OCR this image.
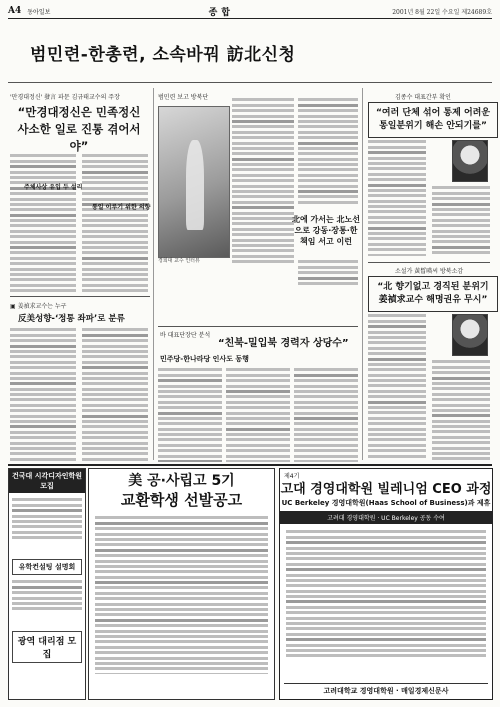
A4 동아일보	종합	2001년 8월 22일 수요일 제24689호
범민련-한총련, 소속바꿔 訪北신청
'만경대정신' 發言 파문 김규태교수의 주장
“만경대정신은 민족정신
사소한 일로 진통 겪어서야”
주체사상 유입 두 설리
통일 이루기 위한 의향
▣ 姜禎求교수는 누구
反美성향-‘정통 좌파’로 분류
범민련 보고 방북단
경희대 교수 인터뷰
北에 가서는 北노선으로 강동·장통·한 책임 서고 이런
바 대표단장단 분석
“친북-밀입북 경력자 상당수”
민주당-한나라당 인사도 동행
김종수 대표간부 확인
“여러 단체 섞어 통제 어려운
통일분위기 해손 안되기를”
소설가 黃晳暎씨 방북소감
“北 향기없고 경직된 분위기
姜禎求교수 해명권유 무시”
건국대 시각디자인학원 모집
유학컨설팅 설명회
광역 대리점 모집
美 공·사립고 5기
교환학생 선발공고
제4기
고대 경영대학원 빌레니엄 CEO 과정
UC Berkeley 경영대학원(Haas School of Business)과 제휴
고려대 경영대학원 · UC Berkeley 공동 수여
고려대학교 경영대학원 · 매일경제신문사
